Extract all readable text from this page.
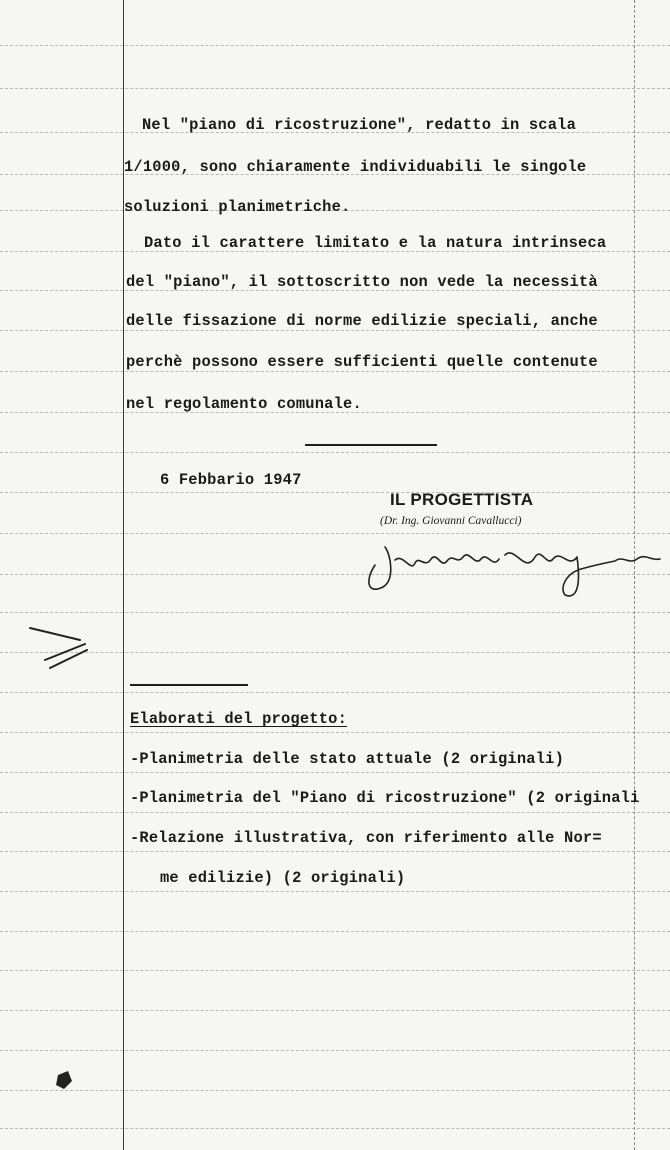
Nel "piano di ricostruzione", redatto in scala
1/1000, sono chiaramente individuabili le singole
soluzioni planimetriche.
Dato il carattere limitato e la natura intrinseca
del "piano", il sottoscritto non vede la necessità
delle fissazione di norme edilizie speciali, anche
perchè possono essere sufficienti quelle contenute
nel regolamento comunale.
6 Febbario 1947
IL PROGETTISTA
(Dr. Ing. Giovanni Cavallucci)
Elaborati del progetto:
-Planimetria delle stato attuale (2 originali)
-Planimetria del "Piano di ricostruzione" (2 originali
-Relazione illustrativa, con riferimento alle Nor=
me edilizie) (2 originali)
